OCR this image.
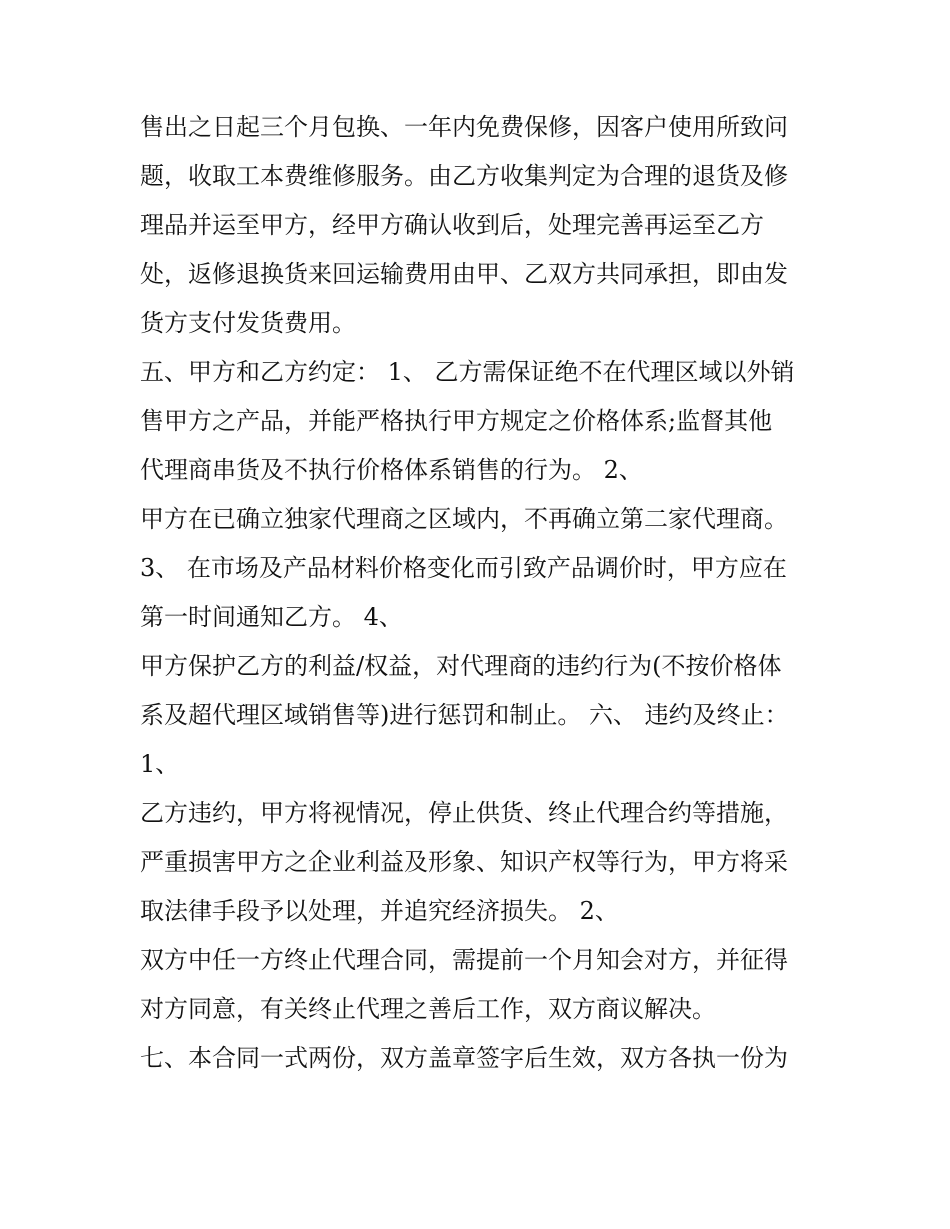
售出之日起三个月包换、一年内免费保修，因客户使用所致问
题，收取工本费维修服务。由乙方收集判定为合理的退货及修
理品并运至甲方，经甲方确认收到后，处理完善再运至乙方
处，返修退换货来回运输费用由甲、乙双方共同承担，即由发
货方支付发货费用。
五、甲方和乙方约定： 1、 乙方需保证绝不在代理区域以外销
售甲方之产品，并能严格执行甲方规定之价格体系;监督其他
代理商串货及不执行价格体系销售的行为。 2、
甲方在已确立独家代理商之区域内，不再确立第二家代理商。
3、 在市场及产品材料价格变化而引致产品调价时，甲方应在
第一时间通知乙方。 4、
甲方保护乙方的利益/权益，对代理商的违约行为(不按价格体
系及超代理区域销售等)进行惩罚和制止。 六、 违约及终止：
1、
乙方违约，甲方将视情况，停止供货、终止代理合约等措施，
严重损害甲方之企业利益及形象、知识产权等行为，甲方将采
取法律手段予以处理，并追究经济损失。 2、
双方中任一方终止代理合同，需提前一个月知会对方，并征得
对方同意，有关终止代理之善后工作，双方商议解决。
七、本合同一式两份，双方盖章签字后生效，双方各执一份为
